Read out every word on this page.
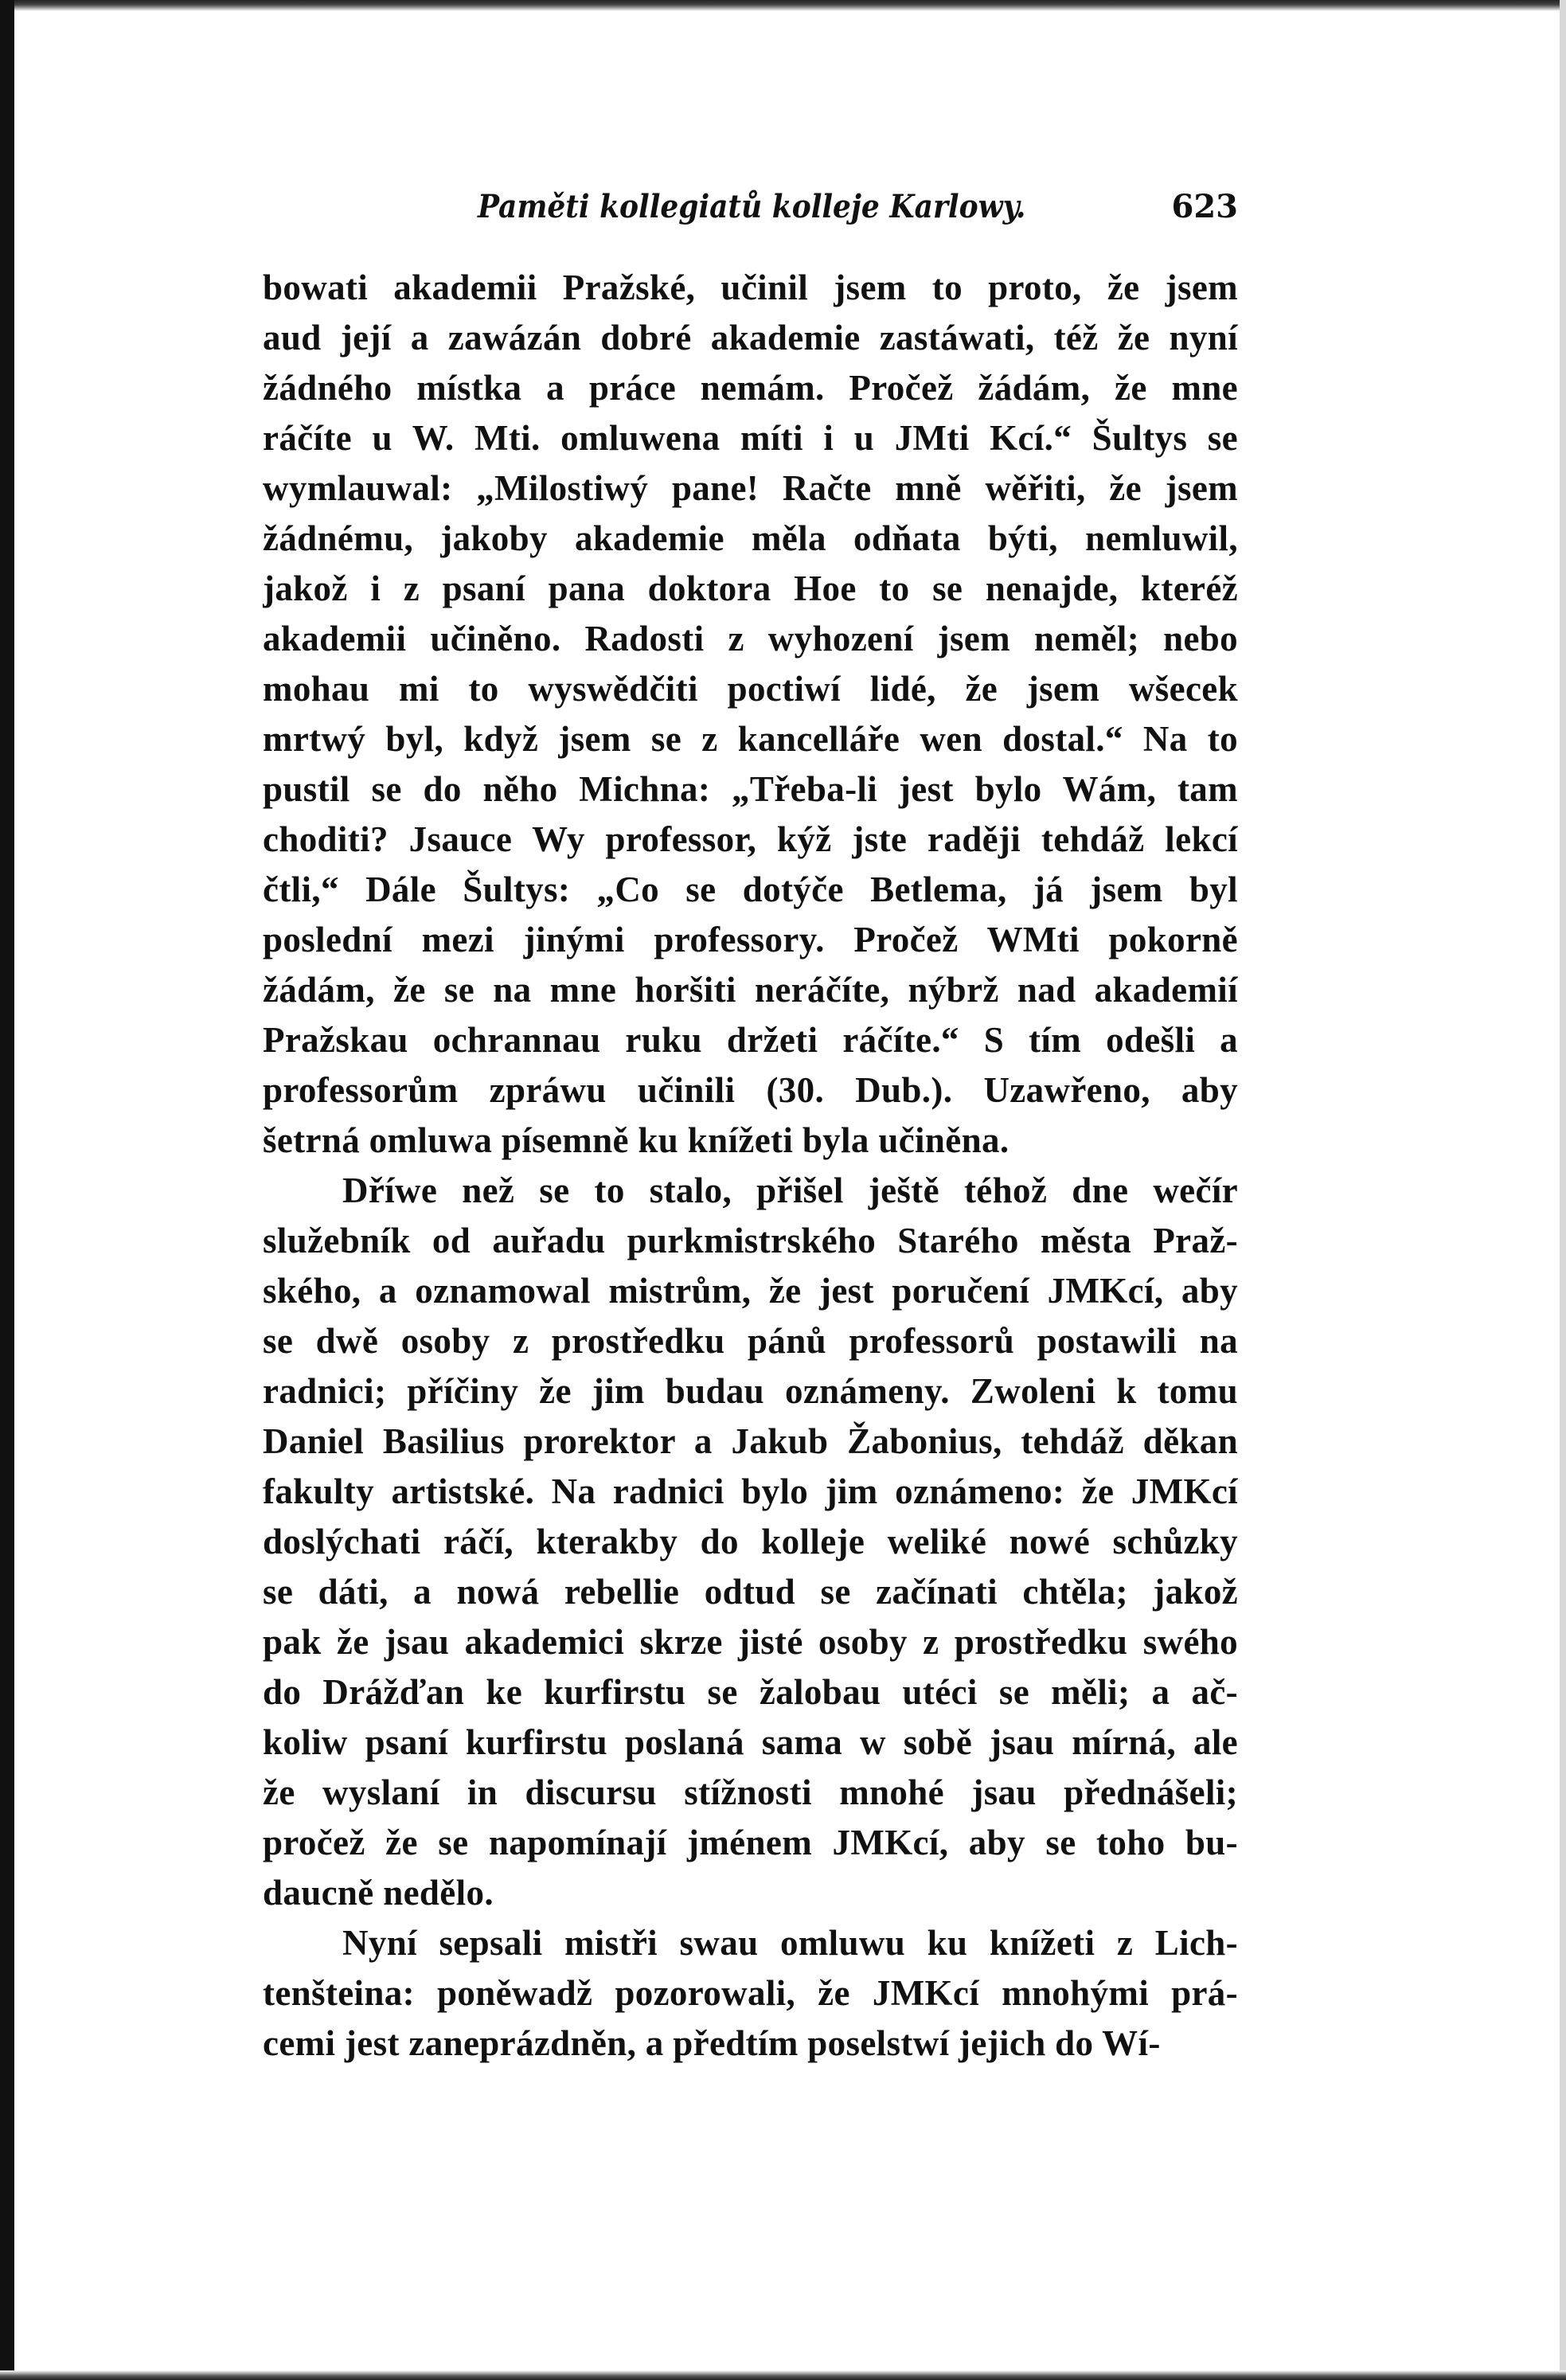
Paměti kollegiatů kolleje Karlowy.	623
bowati akademii Pražské, učinil jsem to proto, že jsem
aud její a zawázán dobré akademie zastáwati, též že nyní
žádného místka a práce nemám. Pročež žádám, že mne
ráčíte u W. Mti. omluwena míti i u JMti Kcí.“ Šultys se
wymlauwal: „Milostiwý pane! Račte mně wěřiti, že jsem
žádnému, jakoby akademie měla odňata býti, nemluwil,
jakož i z psaní pana doktora Hoe to se nenajde, kteréž
akademii učiněno. Radosti z wyhození jsem neměl; nebo
mohau mi to wyswědčiti poctiwí lidé, že jsem wšecek
mrtwý byl, když jsem se z kancelláře wen dostal.“ Na to
pustil se do něho Michna: „Třeba-li jest bylo Wám, tam
choditi? Jsauce Wy professor, kýž jste raději tehdáž lekcí
čtli,“ Dále Šultys: „Co se dotýče Betlema, já jsem byl
poslední mezi jinými professory. Pročež WMti pokorně
žádám, že se na mne horšiti neráčíte, nýbrž nad akademií
Pražskau ochrannau ruku držeti ráčíte.“ S tím odešli a
professorům zpráwu učinili (30. Dub.). Uzawřeno, aby
šetrná omluwa písemně ku knížeti byla učiněna.
Dříwe než se to stalo, přišel ještě téhož dne wečír
služebník od auřadu purkmistrského Starého města Praž-
ského, a oznamowal mistrům, že jest poručení JMKcí, aby
se dwě osoby z prostředku pánů professorů postawili na
radnici; příčiny že jim budau oznámeny. Zwoleni k tomu
Daniel Basilius prorektor a Jakub Žabonius, tehdáž děkan
fakulty artistské. Na radnici bylo jim oznámeno: že JMKcí
doslýchati ráčí, kterakby do kolleje weliké nowé schůzky
se dáti, a nowá rebellie odtud se začínati chtěla; jakož
pak že jsau akademici skrze jisté osoby z prostředku swého
do Drážďan ke kurfirstu se žalobau utéci se měli; a ač-
koliw psaní kurfirstu poslaná sama w sobě jsau mírná, ale
že wyslaní in discursu stížnosti mnohé jsau přednášeli;
pročež že se napomínají jménem JMKcí, aby se toho bu-
daucně nedělo.
Nyní sepsali mistři swau omluwu ku knížeti z Lich-
tenšteina: poněwadž pozorowali, že JMKcí mnohými prá-
cemi jest zaneprázdněn, a předtím poselstwí jejich do Wí-
